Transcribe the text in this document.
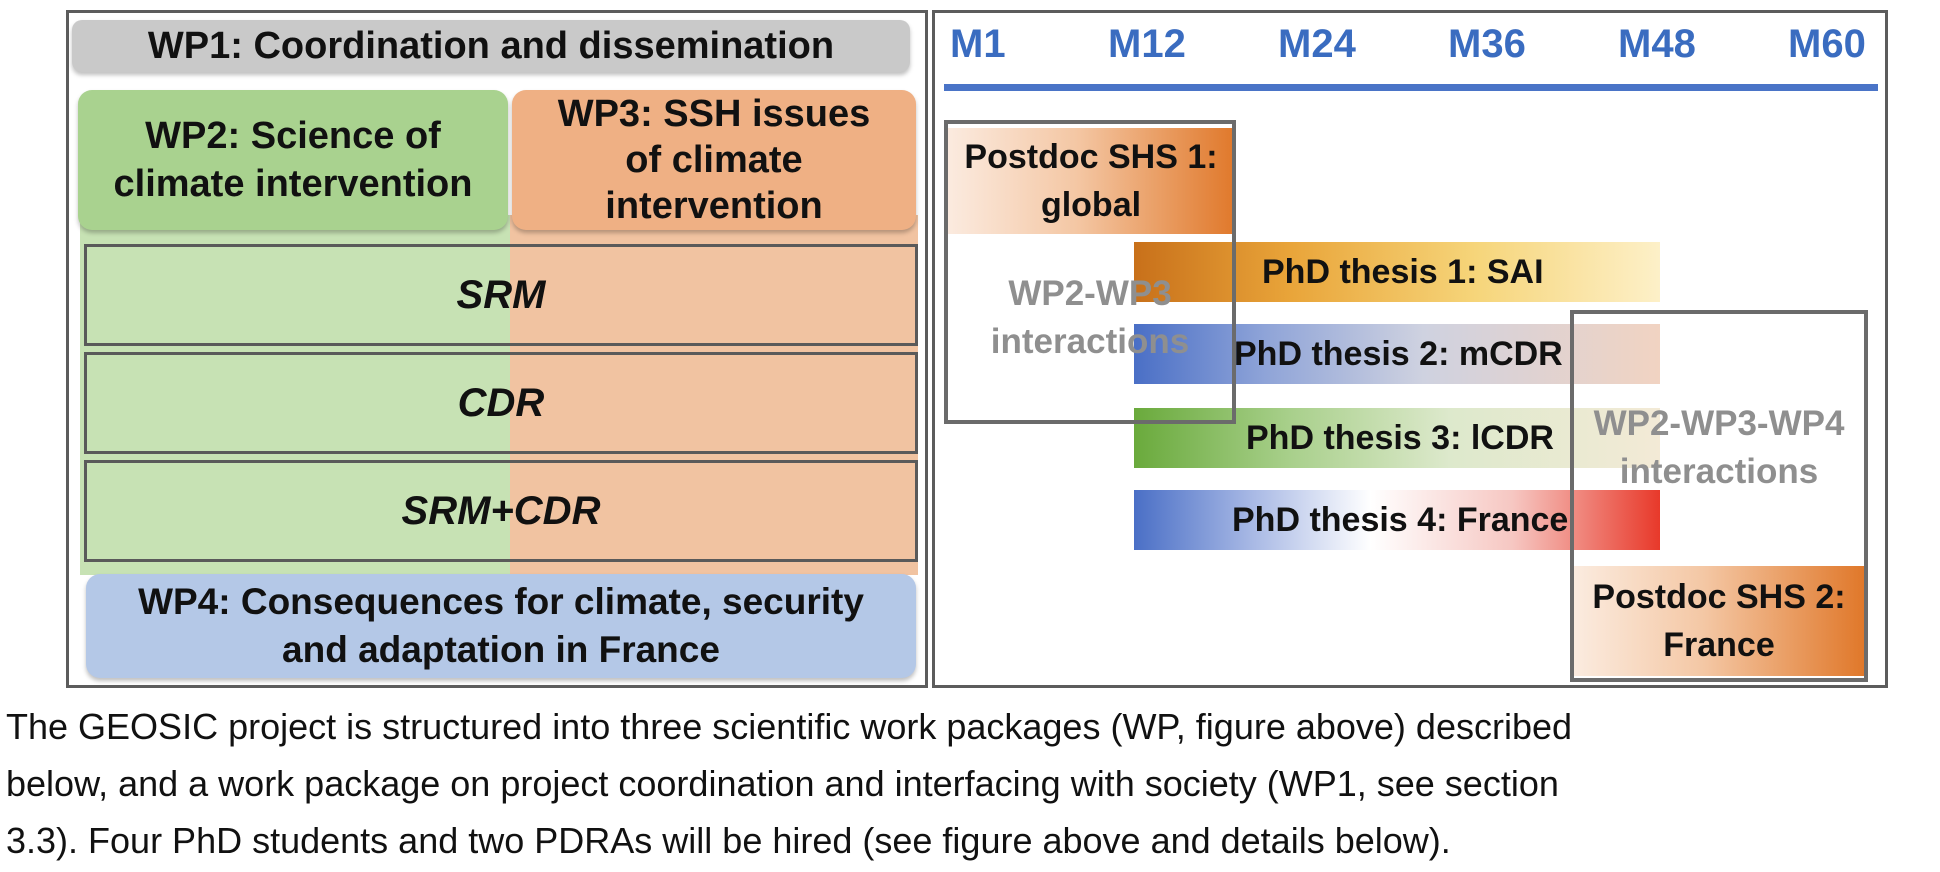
WP1: Coordination and dissemination
WP2: Science of
climate intervention
WP3: SSH issues
of climate
intervention
SRM
CDR
SRM+CDR
WP4: Consequences for climate, security
and adaptation in France
M1	M12 M24 M36 M48 M60
Postdoc SHS 1:
global
PhD thesis 1: SAI
PhD thesis 2: mCDR
PhD thesis 3: lCDR
PhD thesis 4: France
Postdoc SHS 2:
France
WP2-WP3
interactions
WP2-WP3-WP4
interactions
The GEOSIC project is structured into three scientific work packages (WP, figure above) described
below, and a work package on project coordination and interfacing with society (WP1, see section
3.3). Four PhD students and two PDRAs will be hired (see figure above and details below).
